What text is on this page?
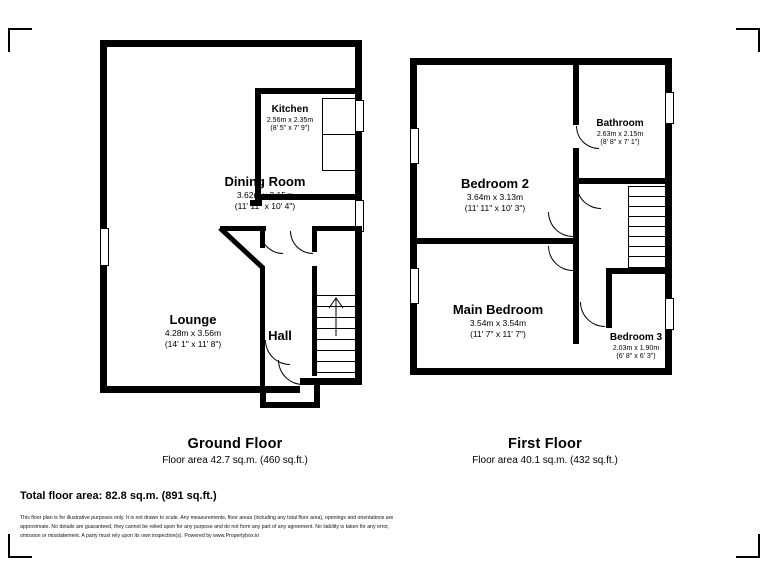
Dining Room
3.62m x 3.15m
(11' 11" x 10' 4")
Kitchen
2.56m x 2.35m
(8' 5" x 7' 9")
Lounge
4.28m x 3.56m
(14' 1" x 11' 8")
Hall
Ground Floor
Floor area 42.7 sq.m. (460 sq.ft.)
Bedroom 2
3.64m x 3.13m
(11' 11" x 10' 3")
Bathroom
2.63m x 2.15m
(8' 8" x 7' 1")
Main Bedroom
3.54m x 3.54m
(11' 7" x 11' 7")	Bedroom 3
2.03m x 1.90m
(6' 8" x 6' 3")
First Floor
Floor area 40.1 sq.m. (432 sq.ft.)
Total floor area: 82.8 sq.m. (891 sq.ft.)
This floor plan is for illustrative purposes only. It is not drawn to scale. Any measurements, floor areas (including any total floor area), openings and orientations are
approximate. No details are guaranteed, they cannot be relied upon for any purpose and do not form any part of any agreement. No liability is taken for any error,
omission or misstatement. A party must rely upon its own inspection(s). Powered by www.Propertybox.io
